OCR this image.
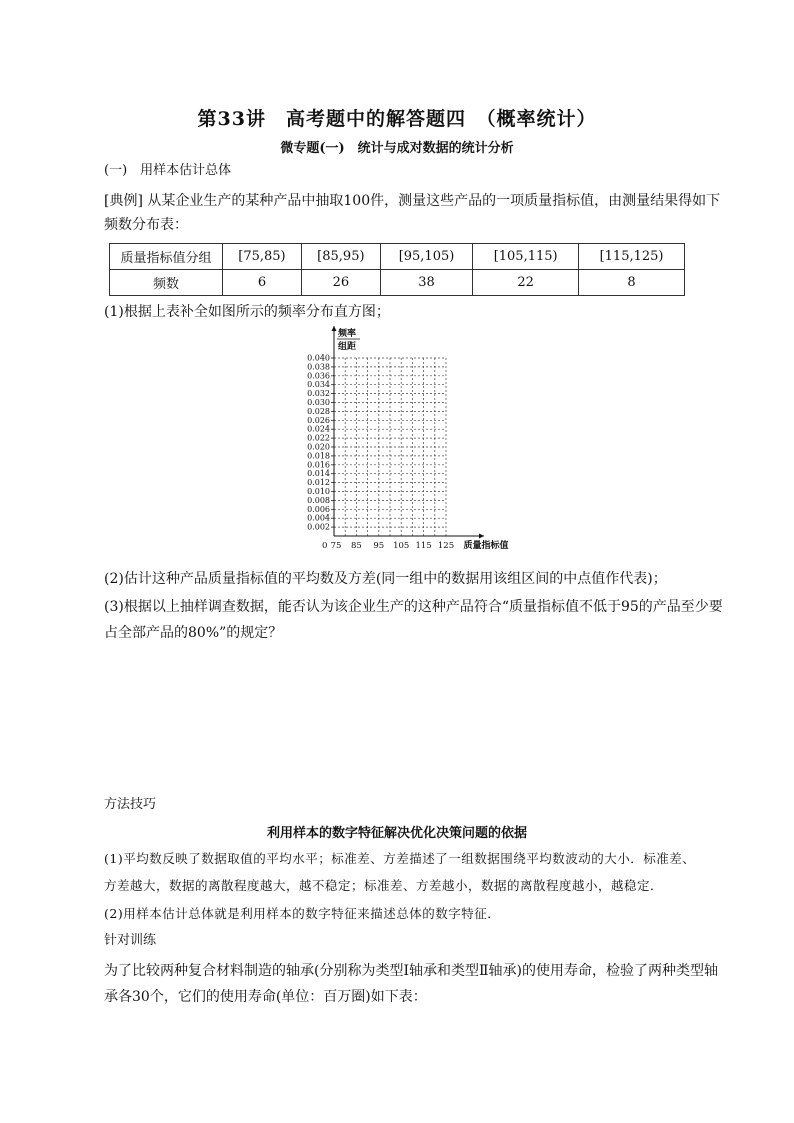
第33讲　高考题中的解答题四　（概率统计）
微专题(一)　统计与成对数据的统计分析
(一)　用样本估计总体
[典例] 从某企业生产的某种产品中抽取100件，测量这些产品的一项质量指标值，由测量结果得如下
频数分布表：
质量指标值分组	[75,85)	[85,95)	[95,105)	[105,115)	[115,125)
频数	6	26	38	22	8
(1)根据上表补全如图所示的频率分布直方图；
0.002
0.004
0.006
0.008
0.010
0.012
0.014
0.016
0.018
0.020
0.022
0.024
0.026
0.028
0.030
0.032
0.034
0.036
0.038
0.040
75 85 95 105 115 125
0
频率
组距
质量指标值
(2)估计这种产品质量指标值的平均数及方差(同一组中的数据用该组区间的中点值作代表)；
(3)根据以上抽样调查数据，能否认为该企业生产的这种产品符合“质量指标值不低于95的产品至少要
占全部产品的80%”的规定？
方法技巧
利用样本的数字特征解决优化决策问题的依据
(1)平均数反映了数据取值的平均水平；标准差、方差描述了一组数据围绕平均数波动的大小．标准差、
方差越大，数据的离散程度越大，越不稳定；标准差、方差越小，数据的离散程度越小，越稳定．
(2)用样本估计总体就是利用样本的数字特征来描述总体的数字特征．
针对训练
为了比较两种复合材料制造的轴承(分别称为类型Ⅰ轴承和类型Ⅱ轴承)的使用寿命，检验了两种类型轴
承各30个，它们的使用寿命(单位：百万圈)如下表：
